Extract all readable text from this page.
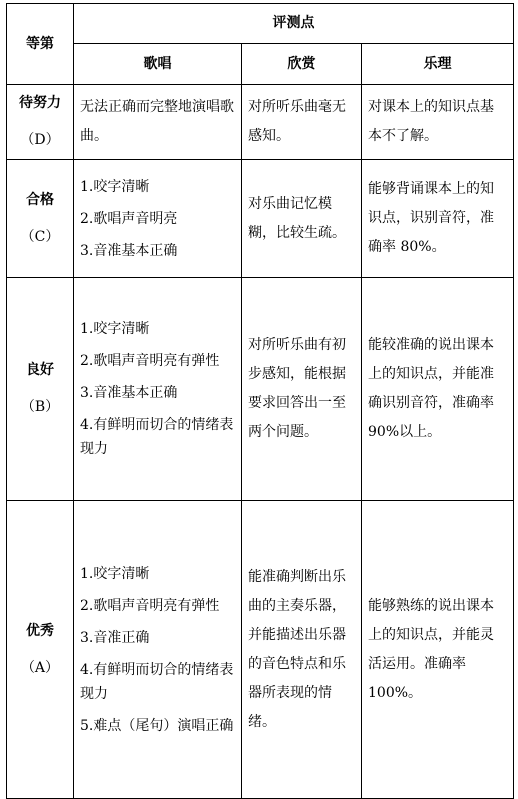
等第	评测点		
	歌唱	欣赏	乐理
待努力
（D）	无法正确而完整地演唱歌曲。	对所听乐曲毫无感知。	对课本上的知识点基本不了解。

合格
（C）	1.咬字清晰
2.歌唱声音明亮
3.音准基本正确	对乐曲记忆模糊，比较生疏。	能够背诵课本上的知识点，识别音符，准确率 80%。

良好
（B）	1.咬字清晰
2.歌唱声音明亮有弹性
3.音准基本正确
4.有鲜明而切合的情绪表现力	对所听乐曲有初步感知，能根据要求回答出一至两个问题。	能较准确的说出课本上的知识点，并能准确识别音符，准确率 90%以上。

优秀
（A）	1.咬字清晰
2.歌唱声音明亮有弹性
3.音准正确
4.有鲜明而切合的情绪表现力
5.难点（尾句）演唱正确	能准确判断出乐曲的主奏乐器，并能描述出乐器的音色特点和乐器所表现的情绪。	能够熟练的说出课本上的知识点，并能灵活运用。准确率 100%。
